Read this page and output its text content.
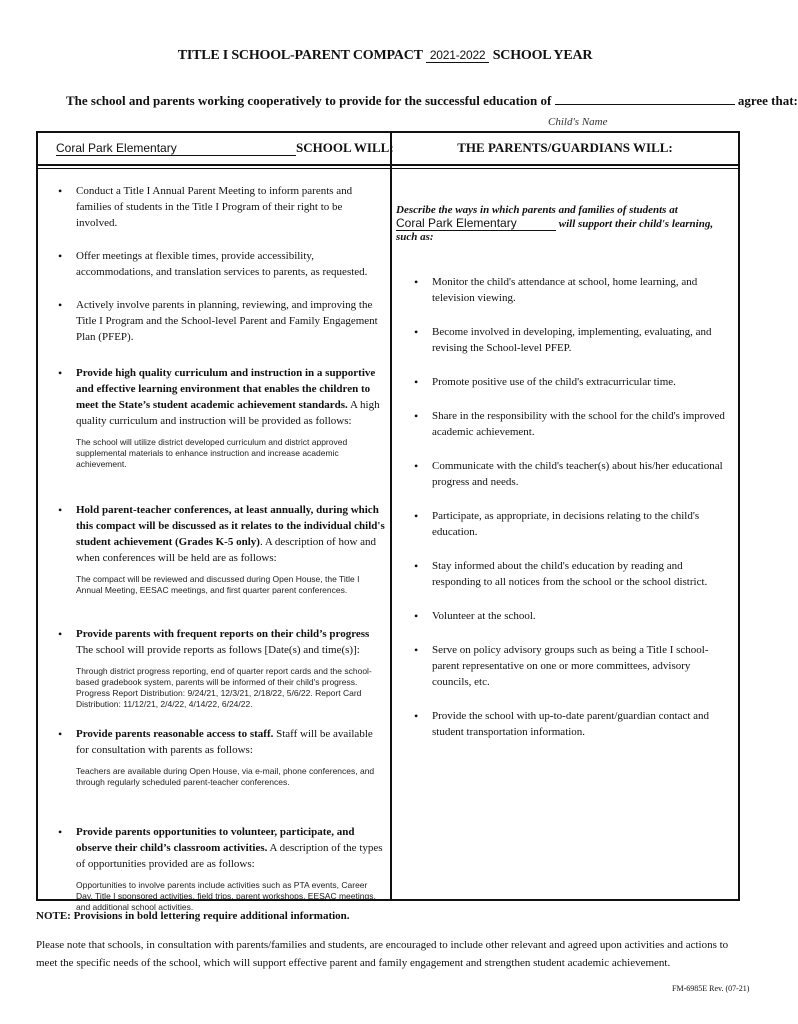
TITLE I SCHOOL-PARENT COMPACT 2021-2022 SCHOOL YEAR
The school and parents working cooperatively to provide for the successful education of	agree that:
Child's Name
Coral Park Elementary	SCHOOL WILL:	THE PARENTS/GUARDIANS WILL:
• Conduct a Title I Annual Parent Meeting to inform parents and families of students in the Title I Program of their right to be involved.
• Offer meetings at flexible times, provide accessibility, accommodations, and translation services to parents, as requested.
• Actively involve parents in planning, reviewing, and improving the Title I Program and the School-level Parent and Family Engagement Plan (PFEP).
• Provide high quality curriculum and instruction in a supportive and effective learning environment that enables the children to meet the State’s student academic achievement standards. A high quality curriculum and instruction will be provided as follows:
The school will utilize district developed curriculum and district approved supplemental materials to enhance instruction and increase academic achievement.
• Hold parent-teacher conferences, at least annually, during which this compact will be discussed as it relates to the individual child's student achievement (Grades K-5 only). A description of how and when conferences will be held are as follows:
The compact will be reviewed and discussed during Open House, the Title I Annual Meeting, EESAC meetings, and first quarter parent conferences.
• Provide parents with frequent reports on their child’s progress The school will provide reports as follows [Date(s) and time(s)]:
Through district progress reporting, end of quarter report cards and the school-based gradebook system, parents will be informed of their child's progress. Progress Report Distribution: 9/24/21, 12/3/21, 2/18/22, 5/6/22. Report Card Distribution: 11/12/21, 2/4/22, 4/14/22, 6/24/22.
• Provide parents reasonable access to staff. Staff will be available for consultation with parents as follows:
Teachers are available during Open House, via e-mail, phone conferences, and through regularly scheduled parent-teacher conferences.
• Provide parents opportunities to volunteer, participate, and observe their child’s classroom activities. A description of the types of opportunities provided are as follows:
Opportunities to involve parents include activities such as PTA events, Career Day, Title I sponsored activities, field trips, parent workshops, EESAC meetings, and additional school activities.
Describe the ways in which parents and families of students at
Coral Park Elementary	will support their child's learning, such as:
• Monitor the child's attendance at school, home learning, and television viewing.
• Become involved in developing, implementing, evaluating, and revising the School-level PFEP.
• Promote positive use of the child's extracurricular time.
• Share in the responsibility with the school for the child's improved academic achievement.
• Communicate with the child's teacher(s) about his/her educational progress and needs.
• Participate, as appropriate, in decisions relating to the child's education.
• Stay informed about the child's education by reading and responding to all notices from the school or the school district.
• Volunteer at the school.
• Serve on policy advisory groups such as being a Title I school-parent representative on one or more committees, advisory councils, etc.
• Provide the school with up-to-date parent/guardian contact and student transportation information.
NOTE: Provisions in bold lettering require additional information.
Please note that schools, in consultation with parents/families and students, are encouraged to include other relevant and agreed upon activities and actions to meet the specific needs of the school, which will support effective parent and family engagement and strengthen student academic achievement.
FM-6985E Rev. (07-21)
